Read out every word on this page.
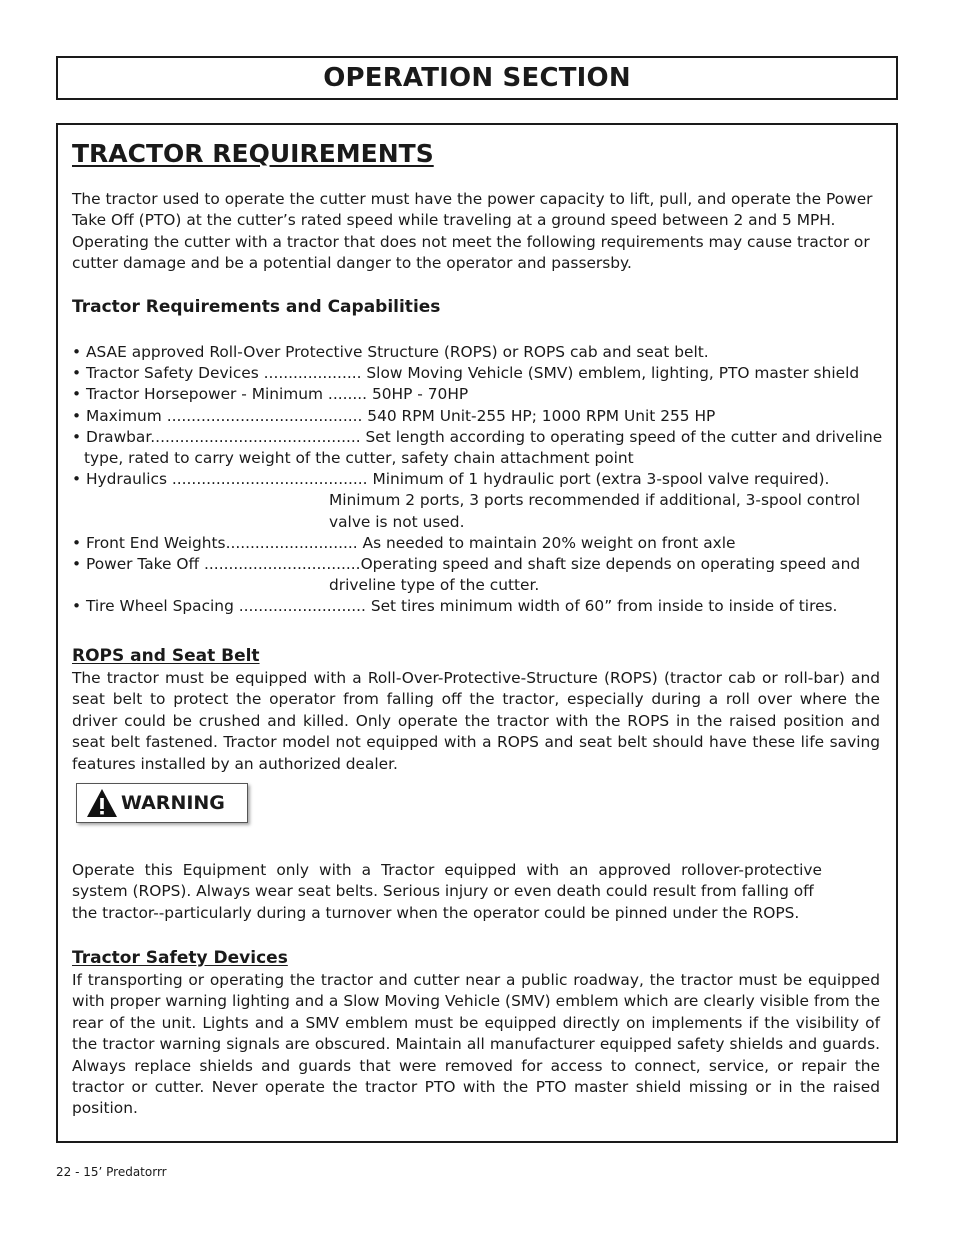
OPERATION SECTION
TRACTOR REQUIREMENTS
The tractor used to operate the cutter must have the power capacity to lift, pull, and operate the Power
Take Off (PTO) at the cutter’s rated speed while traveling at a ground speed between 2 and 5 MPH.
Operating the cutter with a tractor that does not meet the following requirements may cause tractor or
cutter damage and be a potential danger to the operator and passersby.
Tractor Requirements and Capabilities
• ASAE approved Roll-Over Protective Structure (ROPS) or ROPS cab and seat belt.
• Tractor Safety Devices .................... Slow Moving Vehicle (SMV) emblem, lighting, PTO master shield
• Tractor Horsepower - Minimum ........ 50HP - 70HP
• Maximum ........................................ 540 RPM Unit-255 HP; 1000 RPM Unit 255 HP
• Drawbar........................................... Set length according to operating speed of the cutter and driveline
type, rated to carry weight of the cutter, safety chain attachment point
• Hydraulics ........................................ Minimum of 1 hydraulic port (extra 3-spool valve required).
Minimum 2 ports, 3 ports recommended if additional, 3-spool control
valve is not used.
• Front End Weights........................... As needed to maintain 20% weight on front axle
• Power Take Off ................................Operating speed and shaft size depends on operating speed and
driveline type of the cutter.
• Tire Wheel Spacing .......................... Set tires minimum width of 60” from inside to inside of tires.
ROPS and Seat Belt

The tractor must be equipped with a Roll-Over-Protective-Structure (ROPS) (tractor cab or roll-bar) and seat belt to protect the operator from falling off the tractor, especially during a roll over where the driver could be crushed and killed. Only operate the tractor with the ROPS in the raised position and seat belt fastened. Tractor model not equipped with a ROPS and seat belt should have these life saving features installed by an authorized dealer.

WARNING
Operate this Equipment only with a Tractor equipped with an approved rollover-protective
system (ROPS). Always wear seat belts. Serious injury or even death could result from falling off
the tractor--particularly during a turnover when the operator could be pinned under the ROPS.
Tractor Safety Devices

If transporting or operating the tractor and cutter near a public roadway, the tractor must be equipped with proper warning lighting and a Slow Moving Vehicle (SMV) emblem which are clearly visible from the rear of the unit. Lights and a SMV emblem must be equipped directly on implements if the visibility of the tractor warning signals are obscured. Maintain all manufacturer equipped safety shields and guards. Always replace shields and guards that were removed for access to connect, service, or repair the tractor or cutter. Never operate the tractor PTO with the PTO master shield missing or in the raised position.

22 - 15’ Predatorrr
